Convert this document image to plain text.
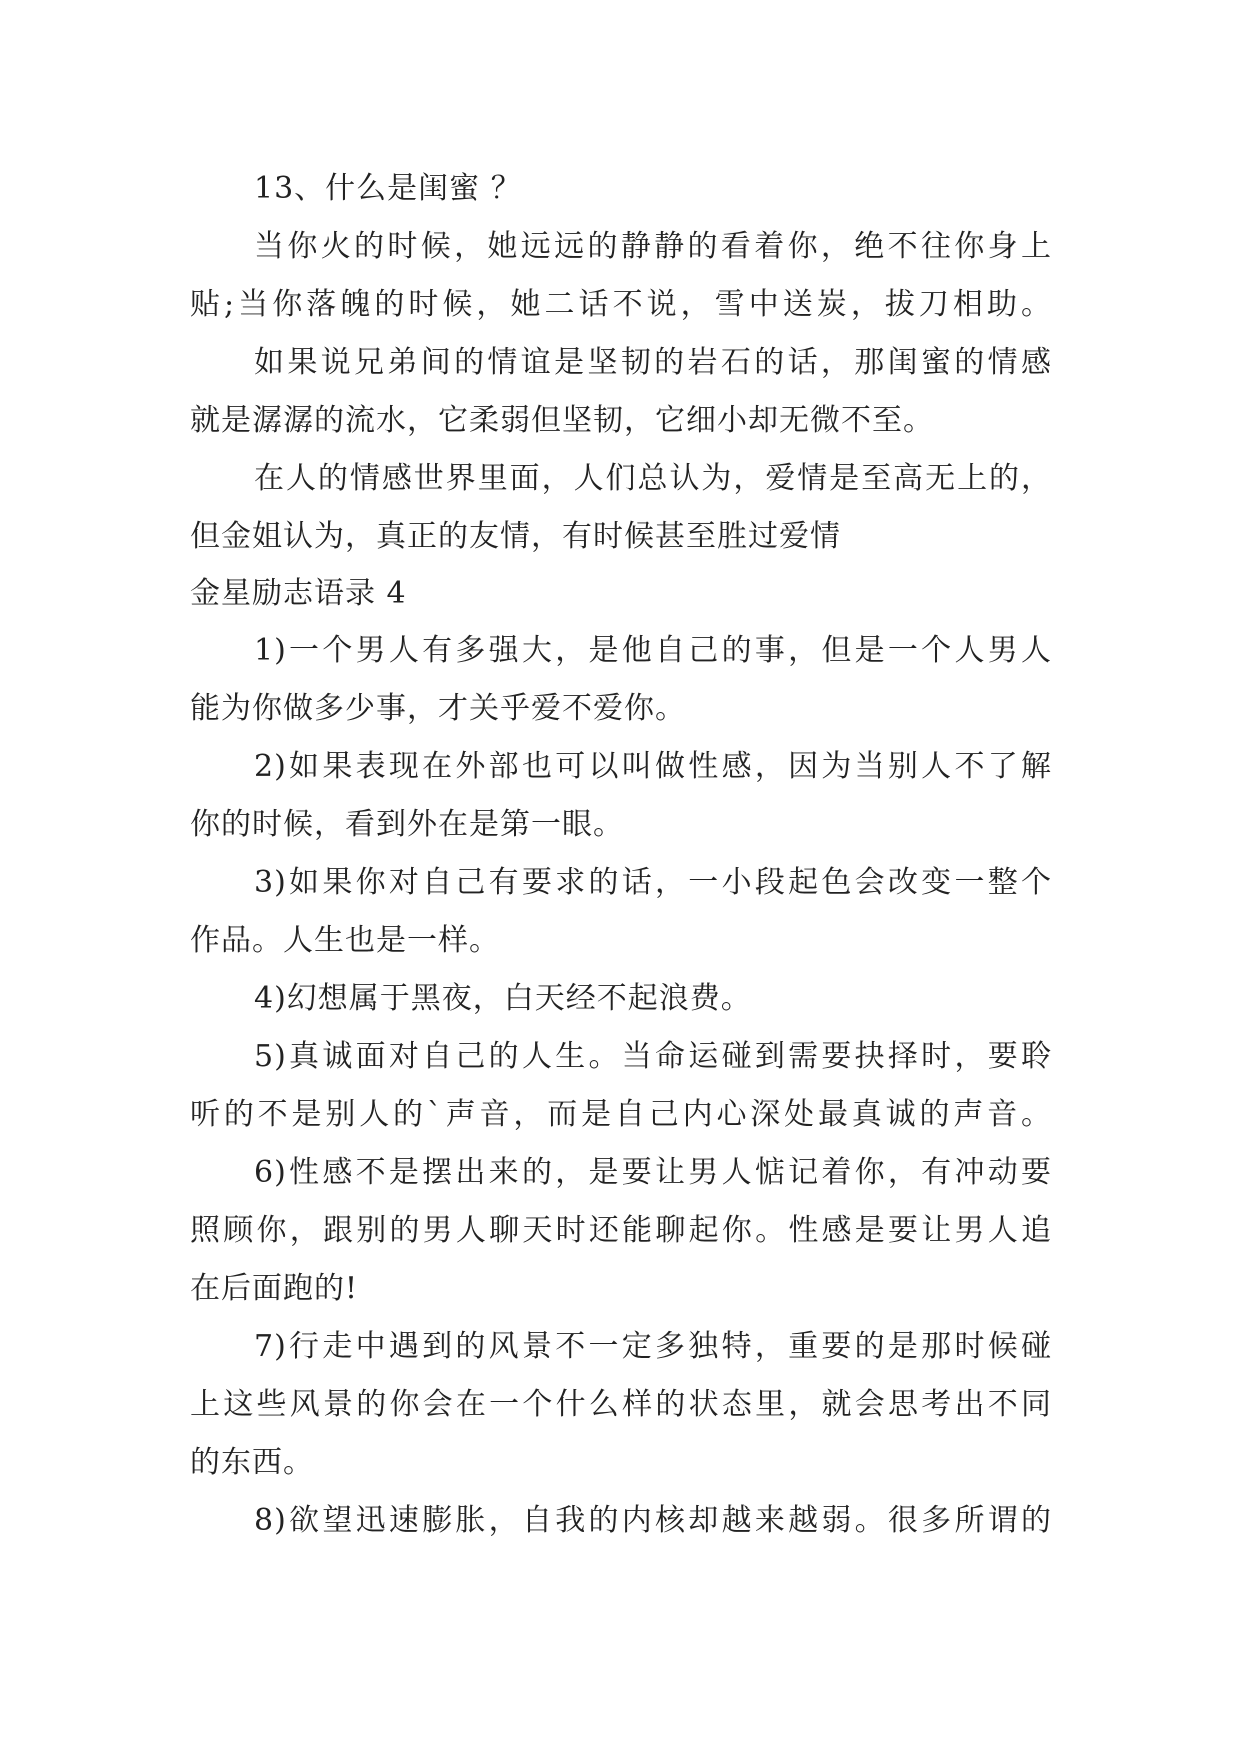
13、什么是闺蜜 ？
当你火的时候，她远远的静静的看着你，绝不往你身上
贴;当你落魄的时候，她二话不说，雪中送炭，拔刀相助。
如果说兄弟间的情谊是坚韧的岩石的话，那闺蜜的情感
就是潺潺的流水，它柔弱但坚韧，它细小却无微不至。
在人的情感世界里面，人们总认为，爱情是至高无上的，
但金姐认为，真正的友情，有时候甚至胜过爱情
金星励志语录 4
1)一个男人有多强大，是他自己的事，但是一个人男人
能为你做多少事，才关乎爱不爱你。
2)如果表现在外部也可以叫做性感，因为当别人不了解
你的时候，看到外在是第一眼。
3)如果你对自己有要求的话，一小段起色会改变一整个
作品。人生也是一样。
4)幻想属于黑夜，白天经不起浪费。
5)真诚面对自己的人生。当命运碰到需要抉择时，要聆
听的不是别人的`声音，而是自己内心深处最真诚的声音。
6)性感不是摆出来的，是要让男人惦记着你，有冲动要
照顾你，跟别的男人聊天时还能聊起你。性感是要让男人追
在后面跑的!
7)行走中遇到的风景不一定多独特，重要的是那时候碰
上这些风景的你会在一个什么样的状态里，就会思考出不同
的东西。
8)欲望迅速膨胀，自我的内核却越来越弱。很多所谓的
